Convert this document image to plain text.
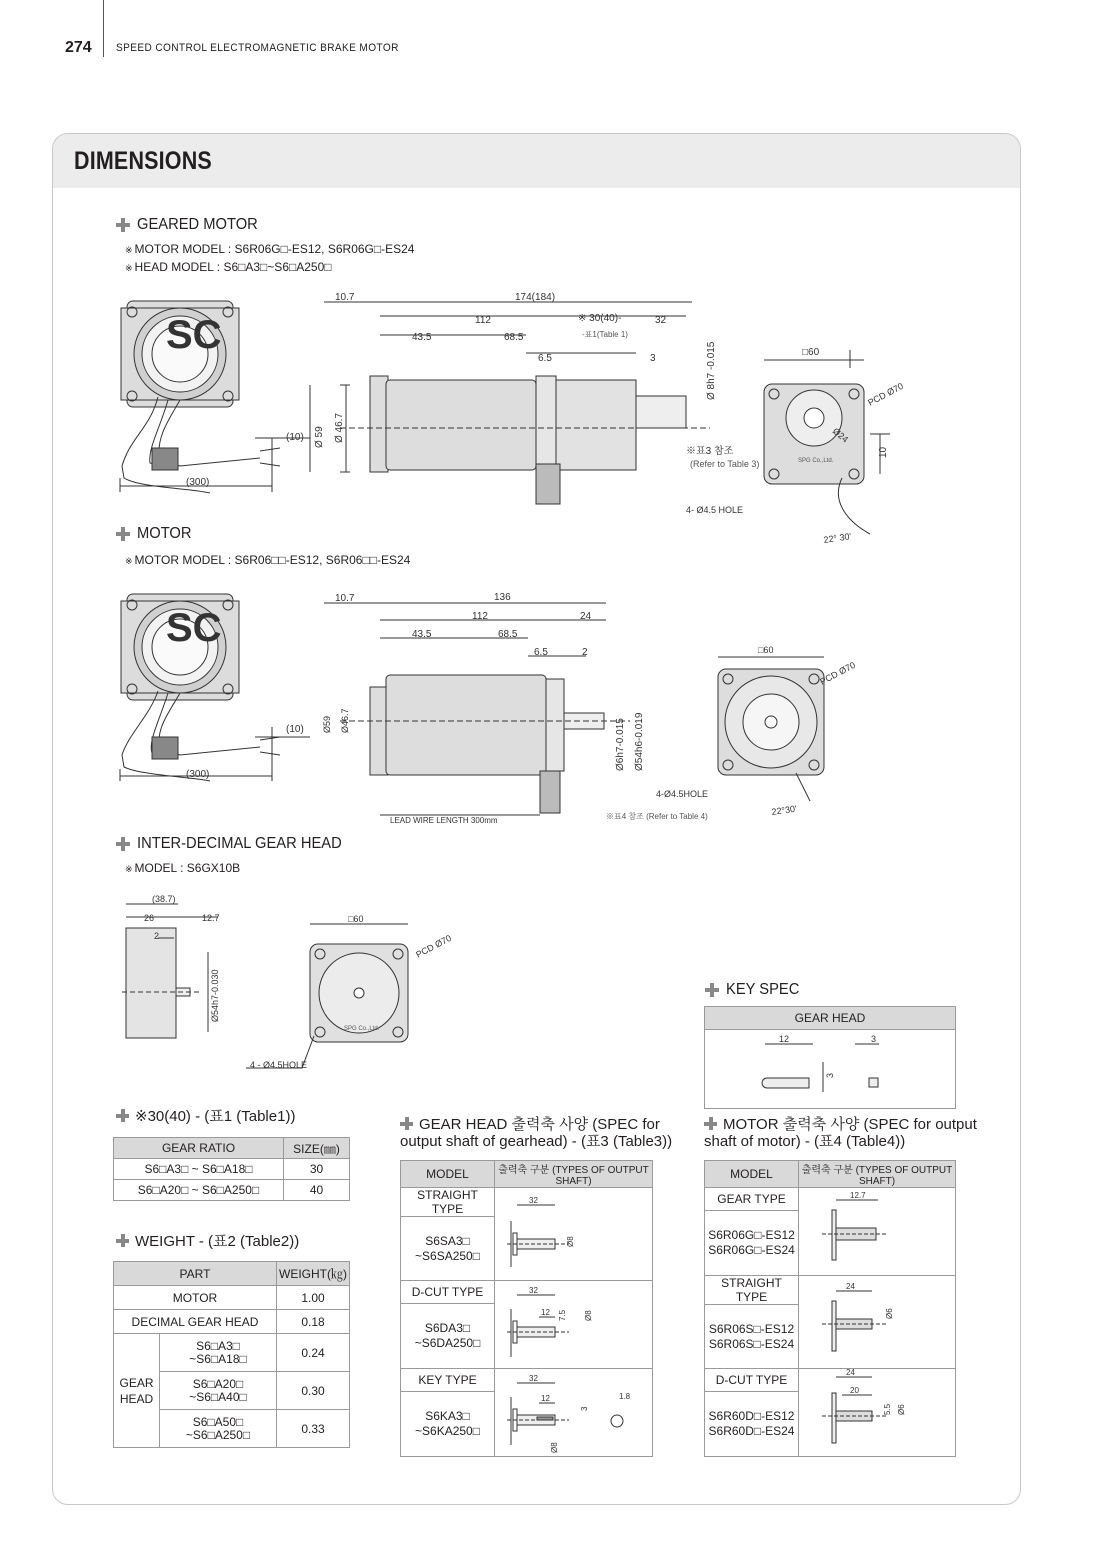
274 SPEED CONTROL ELECTROMAGNETIC BRAKE MOTOR
DIMENSIONS
GEARED MOTOR
※ MOTOR MODEL : S6R06G□-ES12, S6R06G□-ES24
※ HEAD MODEL : S6□A3□~S6□A250□
SC
(300)
(10)
10.7	174(184)
112	※ 30(40)-
-표1(Table 1)
32
43.5	68.5
6.5	3	Ø 8h7 -0.015
Ø 59 Ø 46.7
※표3 참조
(Refer to Table 3)
□60
PCD Ø70
Ø24
10
SPG Co.,Ltd.
4- Ø4.5 HOLE
22° 30'
MOTOR
※ MOTOR MODEL : S6R06□□-ES12, S6R06□□-ES24
SC
(300)
(10)
10.7	136
112	24
43.5	68.5
6.5	2
Ø59 Ø46.7	Ø6h7-0.015 Ø54h6-0.019
LEAD WIRE LENGTH 300mm	※표4 참조 (Refer to Table 4)
□60
PCD Ø70
4-Ø4.5HOLE
22°30'
INTER-DECIMAL GEAR HEAD
※ MODEL : S6GX10B
(38.7)
26	12.7
2
Ø54h7-0.030
□60
PCD Ø70
SPG Co.,Ltd.
4 - Ø4.5HOLE
KEY SPEC
GEAR HEAD
12
3
3
※30(40) - (표1 (Table1))
GEAR RATIO	SIZE(㎜)
S6□A3□ ~ S6□A18□	30
S6□A20□ ~ S6□A250□	40
WEIGHT - (표2 (Table2))
PART		WEIGHT(㎏)
MOTOR		1.00
DECIMAL GEAR HEAD		0.18

GEAR HEAD	S6□A3□
~S6□A18□	0.24

	S6□A20□
~S6□A40□	0.30

	S6□A50□
~S6□A250□	0.33
GEAR HEAD 출력축 사양 (SPEC for
output shaft of gearhead) - (표3 (Table3))
MODEL	출력축 구분 (TYPES OF OUTPUT SHAFT)
STRAIGHT TYPE	32
Ø8

S6SA3□
~S6SA250□	

D-CUT TYPE	32
12 7.5 Ø8

S6DA3□
~S6DA250□	

KEY TYPE	32
12
3
1.8
Ø8

S6KA3□
~S6KA250□	
MOTOR 출력축 사양 (SPEC for output
shaft of motor) - (표4 (Table4))
MODEL	출력축 구분 (TYPES OF OUTPUT SHAFT)
GEAR TYPE	12.7

S6R06G□-ES12
S6R06G□-ES24	

STRAIGHT TYPE	24
Ø6

S6R06S□-ES12
S6R06S□-ES24	

D-CUT TYPE	24
20
5.5 Ø6

S6R60D□-ES12
S6R60D□-ES24	
